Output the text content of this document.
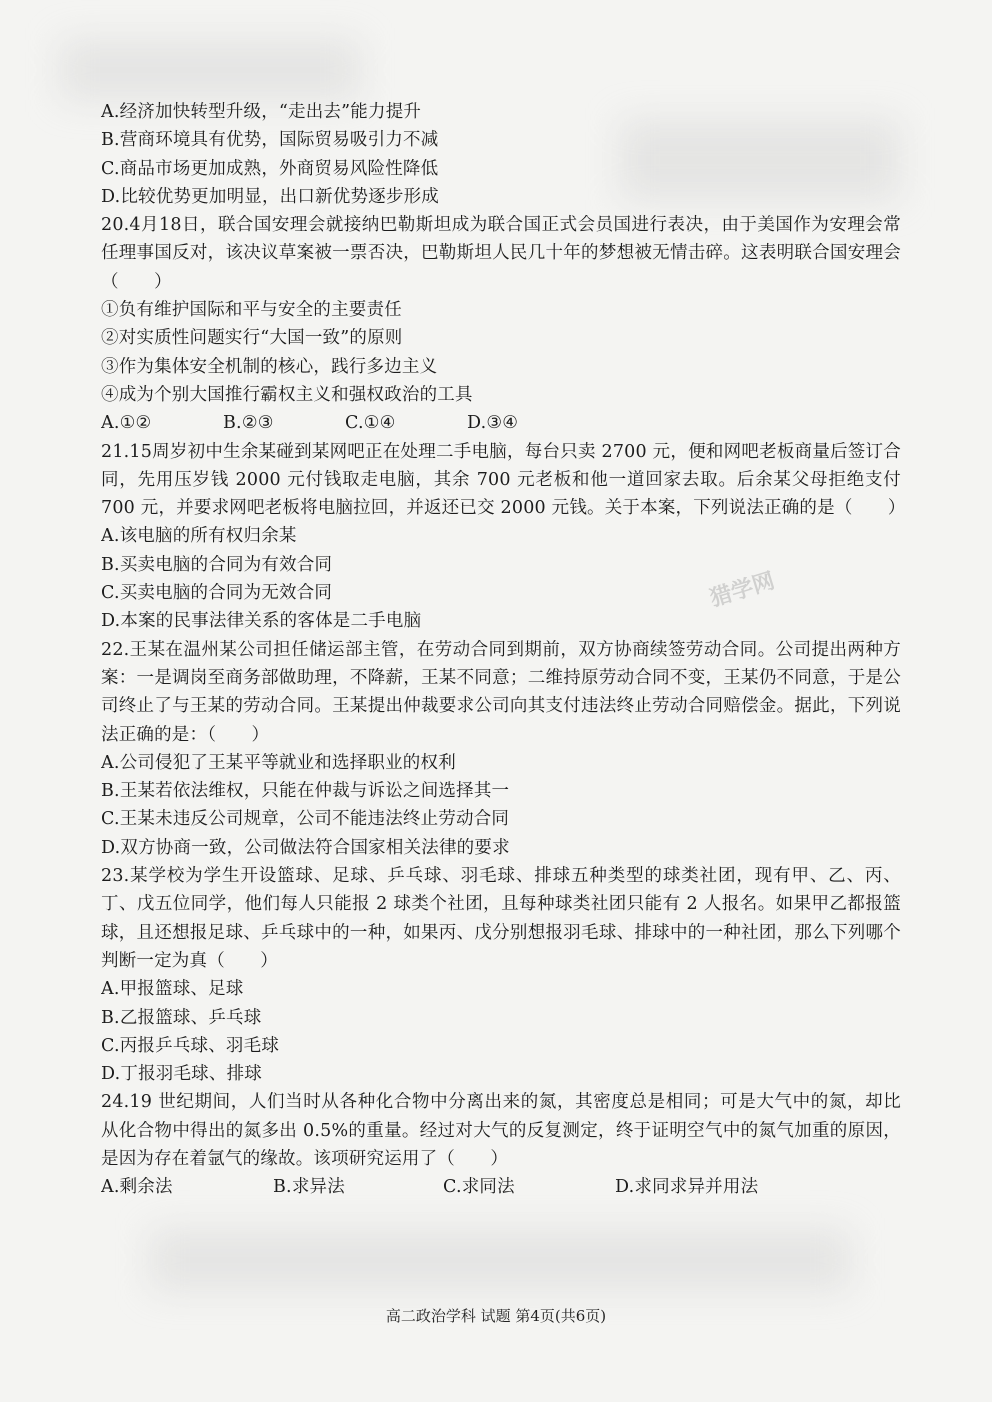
猎学网
A.经济加快转型升级，“走出去”能力提升
B.营商环境具有优势，国际贸易吸引力不减
C.商品市场更加成熟，外商贸易风险性降低
D.比较优势更加明显，出口新优势逐步形成
20.4月18日，联合国安理会就接纳巴勒斯坦成为联合国正式会员国进行表决，由于美国作为安理会常任理事国反对，该决议草案被一票否决，巴勒斯坦人民几十年的梦想被无情击碎。这表明联合国安理会（　　）
①负有维护国际和平与安全的主要责任
②对实质性问题实行“大国一致”的原则
③作为集体安全机制的核心，践行多边主义
④成为个别大国推行霸权主义和强权政治的工具
A.①②	B.②③	C.①④	D.③④
21.15周岁初中生余某碰到某网吧正在处理二手电脑，每台只卖 2700 元，便和网吧老板商量后签订合同，先用压岁钱 2000 元付钱取走电脑，其余 700 元老板和他一道回家去取。后余某父母拒绝支付 700 元，并要求网吧老板将电脑拉回，并返还已交 2000 元钱。关于本案，下列说法正确的是（　　）
A.该电脑的所有权归余某
B.买卖电脑的合同为有效合同
C.买卖电脑的合同为无效合同
D.本案的民事法律关系的客体是二手电脑
22.王某在温州某公司担任储运部主管，在劳动合同到期前，双方协商续签劳动合同。公司提出两种方案：一是调岗至商务部做助理，不降薪，王某不同意；二维持原劳动合同不变，王某仍不同意，于是公司终止了与王某的劳动合同。王某提出仲裁要求公司向其支付违法终止劳动合同赔偿金。据此，下列说法正确的是：（　　）
A.公司侵犯了王某平等就业和选择职业的权利
B.王某若依法维权，只能在仲裁与诉讼之间选择其一
C.王某未违反公司规章，公司不能违法终止劳动合同
D.双方协商一致，公司做法符合国家相关法律的要求
23.某学校为学生开设篮球、足球、乒乓球、羽毛球、排球五种类型的球类社团，现有甲、乙、丙、丁、戊五位同学，他们每人只能报 2 球类个社团，且每种球类社团只能有 2 人报名。如果甲乙都报篮球，且还想报足球、乒乓球中的一种，如果丙、戊分别想报羽毛球、排球中的一种社团，那么下列哪个判断一定为真（　　）
A.甲报篮球、足球
B.乙报篮球、乒乓球
C.丙报乒乓球、羽毛球
D.丁报羽毛球、排球
24.19 世纪期间，人们当时从各种化合物中分离出来的氮，其密度总是相同；可是大气中的氮，却比从化合物中得出的氮多出 0.5%的重量。经过对大气的反复测定，终于证明空气中的氮气加重的原因，是因为存在着氩气的缘故。该项研究运用了（　　）
A.剩余法	B.求异法	C.求同法	D.求同求异并用法
高二政治学科 试题 第4页(共6页)
